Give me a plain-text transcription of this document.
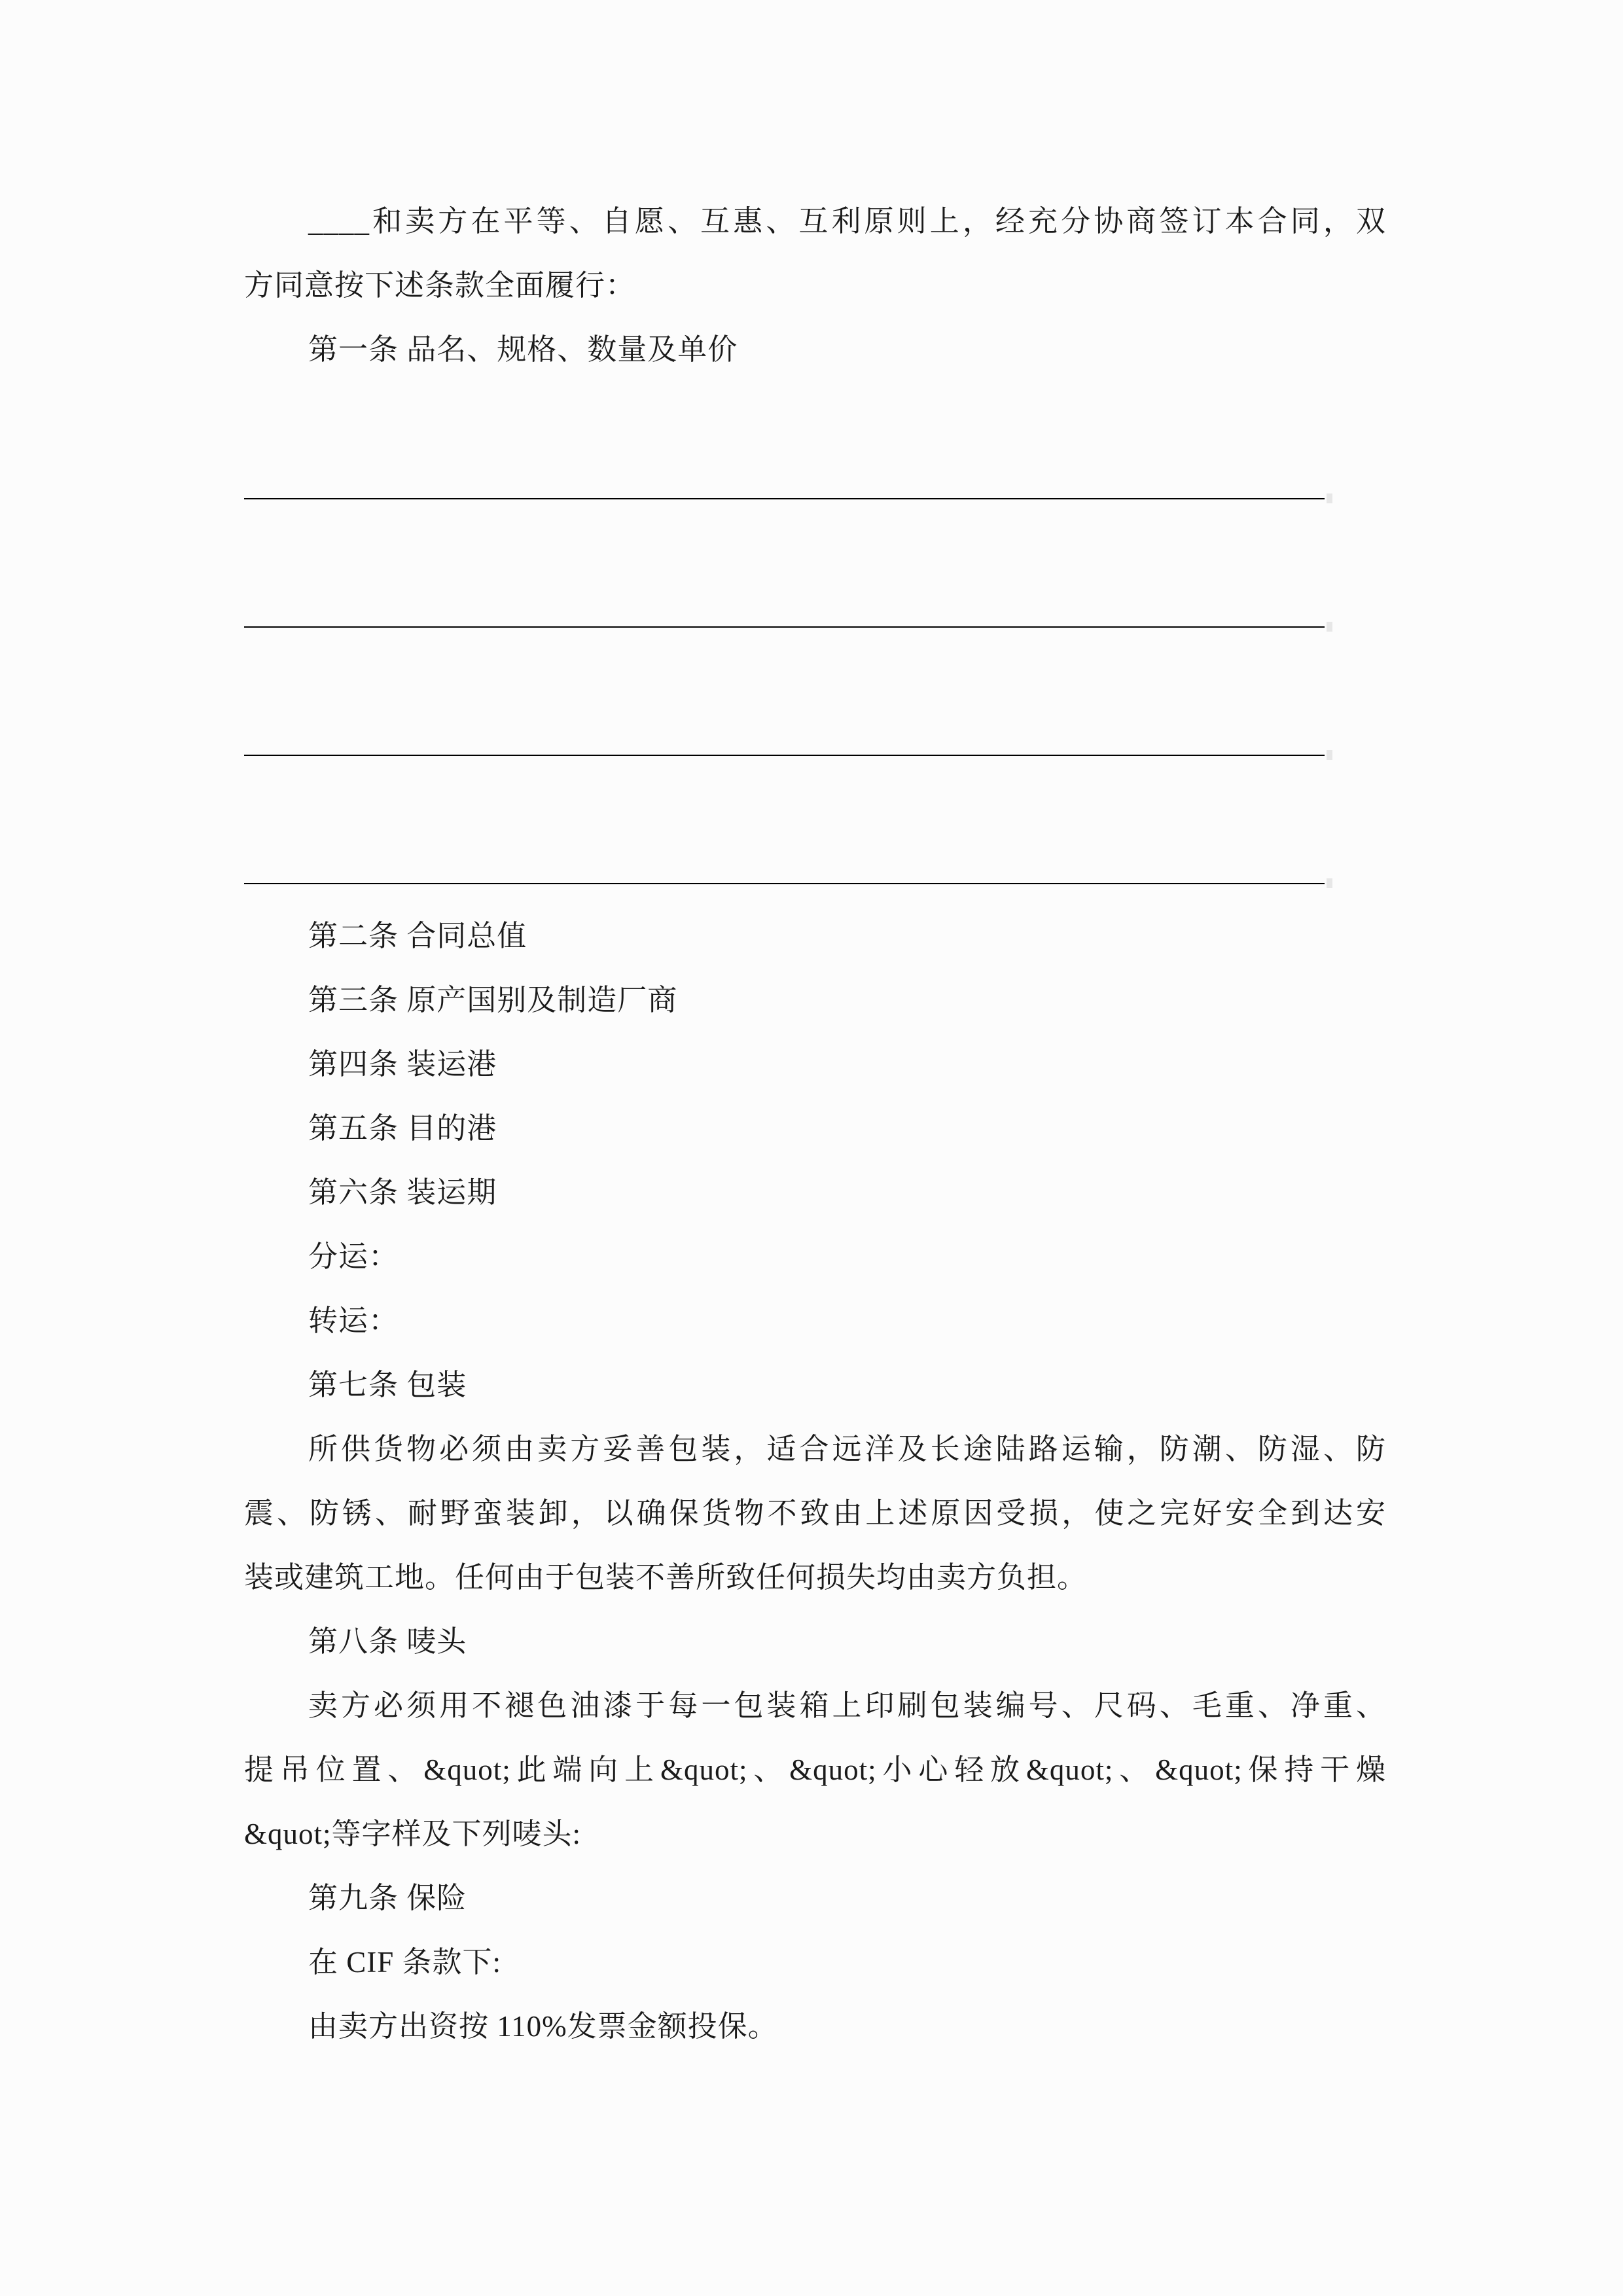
____和卖方在平等、自愿、互惠、互利原则上，经充分协商签订本合同，双
方同意按下述条款全面履行：
第一条 品名、规格、数量及单价
第二条 合同总值
第三条 原产国别及制造厂商
第四条 装运港
第五条 目的港
第六条 装运期
分运：
转运：
第七条 包装
所供货物必须由卖方妥善包装，适合远洋及长途陆路运输，防潮、防湿、防
震、防锈、耐野蛮装卸，以确保货物不致由上述原因受损，使之完好安全到达安
装或建筑工地。任何由于包装不善所致任何损失均由卖方负担。
第八条 唛头
卖方必须用不褪色油漆于每一包装箱上印刷包装编号、尺码、毛重、净重、
提吊位置、&quot;此端向上&quot;、&quot;小心轻放&quot;、&quot;保持干燥
&quot;等字样及下列唛头:
第九条 保险
在 CIF 条款下:
由卖方出资按 110%发票金额投保。
